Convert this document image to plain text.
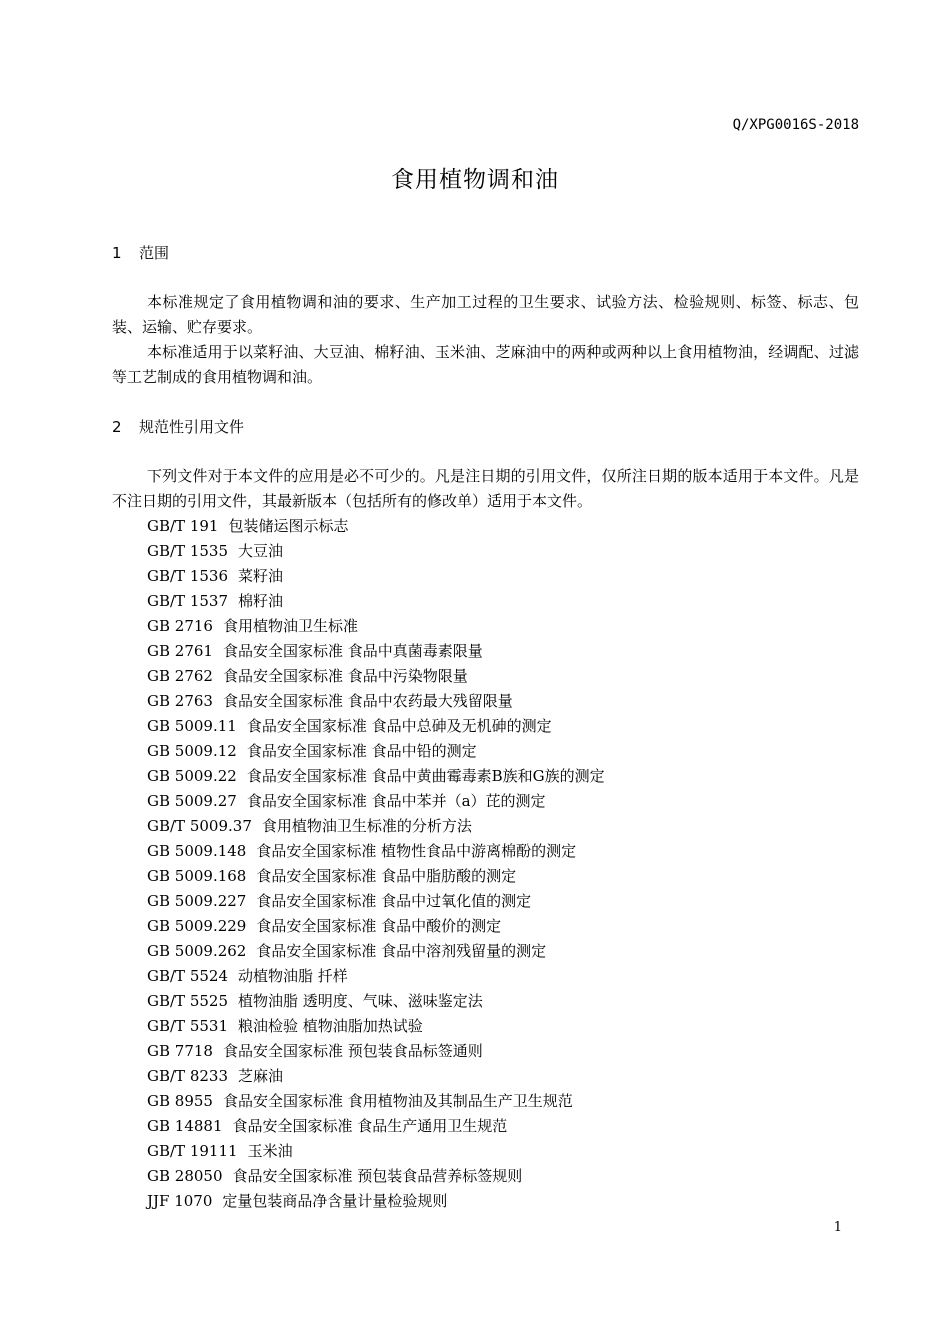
Q/XPG0016S-2018
食用植物调和油
1 范围
本标准规定了食用植物调和油的要求、生产加工过程的卫生要求、试验方法、检验规则、标签、标志、包装、运输、贮存要求。
本标准适用于以菜籽油、大豆油、棉籽油、玉米油、芝麻油中的两种或两种以上食用植物油，经调配、过滤等工艺制成的食用植物调和油。
2 规范性引用文件
下列文件对于本文件的应用是必不可少的。凡是注日期的引用文件，仅所注日期的版本适用于本文件。凡是不注日期的引用文件，其最新版本（包括所有的修改单）适用于本文件。
GB/T 191 包装储运图示标志
GB/T 1535 大豆油
GB/T 1536 菜籽油
GB/T 1537 棉籽油
GB 2716 食用植物油卫生标准
GB 2761 食品安全国家标准 食品中真菌毒素限量
GB 2762 食品安全国家标准 食品中污染物限量
GB 2763 食品安全国家标准 食品中农药最大残留限量
GB 5009.11 食品安全国家标准 食品中总砷及无机砷的测定
GB 5009.12 食品安全国家标准 食品中铅的测定
GB 5009.22 食品安全国家标准 食品中黄曲霉毒素B族和G族的测定
GB 5009.27 食品安全国家标准 食品中苯并（a）芘的测定
GB/T 5009.37 食用植物油卫生标准的分析方法
GB 5009.148 食品安全国家标准 植物性食品中游离棉酚的测定
GB 5009.168 食品安全国家标准 食品中脂肪酸的测定
GB 5009.227 食品安全国家标准 食品中过氧化值的测定
GB 5009.229 食品安全国家标准 食品中酸价的测定
GB 5009.262 食品安全国家标准 食品中溶剂残留量的测定
GB/T 5524 动植物油脂 扦样
GB/T 5525 植物油脂 透明度、气味、滋味鉴定法
GB/T 5531 粮油检验 植物油脂加热试验
GB 7718 食品安全国家标准 预包装食品标签通则
GB/T 8233 芝麻油
GB 8955 食品安全国家标准 食用植物油及其制品生产卫生规范
GB 14881 食品安全国家标准 食品生产通用卫生规范
GB/T 19111 玉米油
GB 28050 食品安全国家标准 预包装食品营养标签规则
JJF 1070 定量包装商品净含量计量检验规则
1
